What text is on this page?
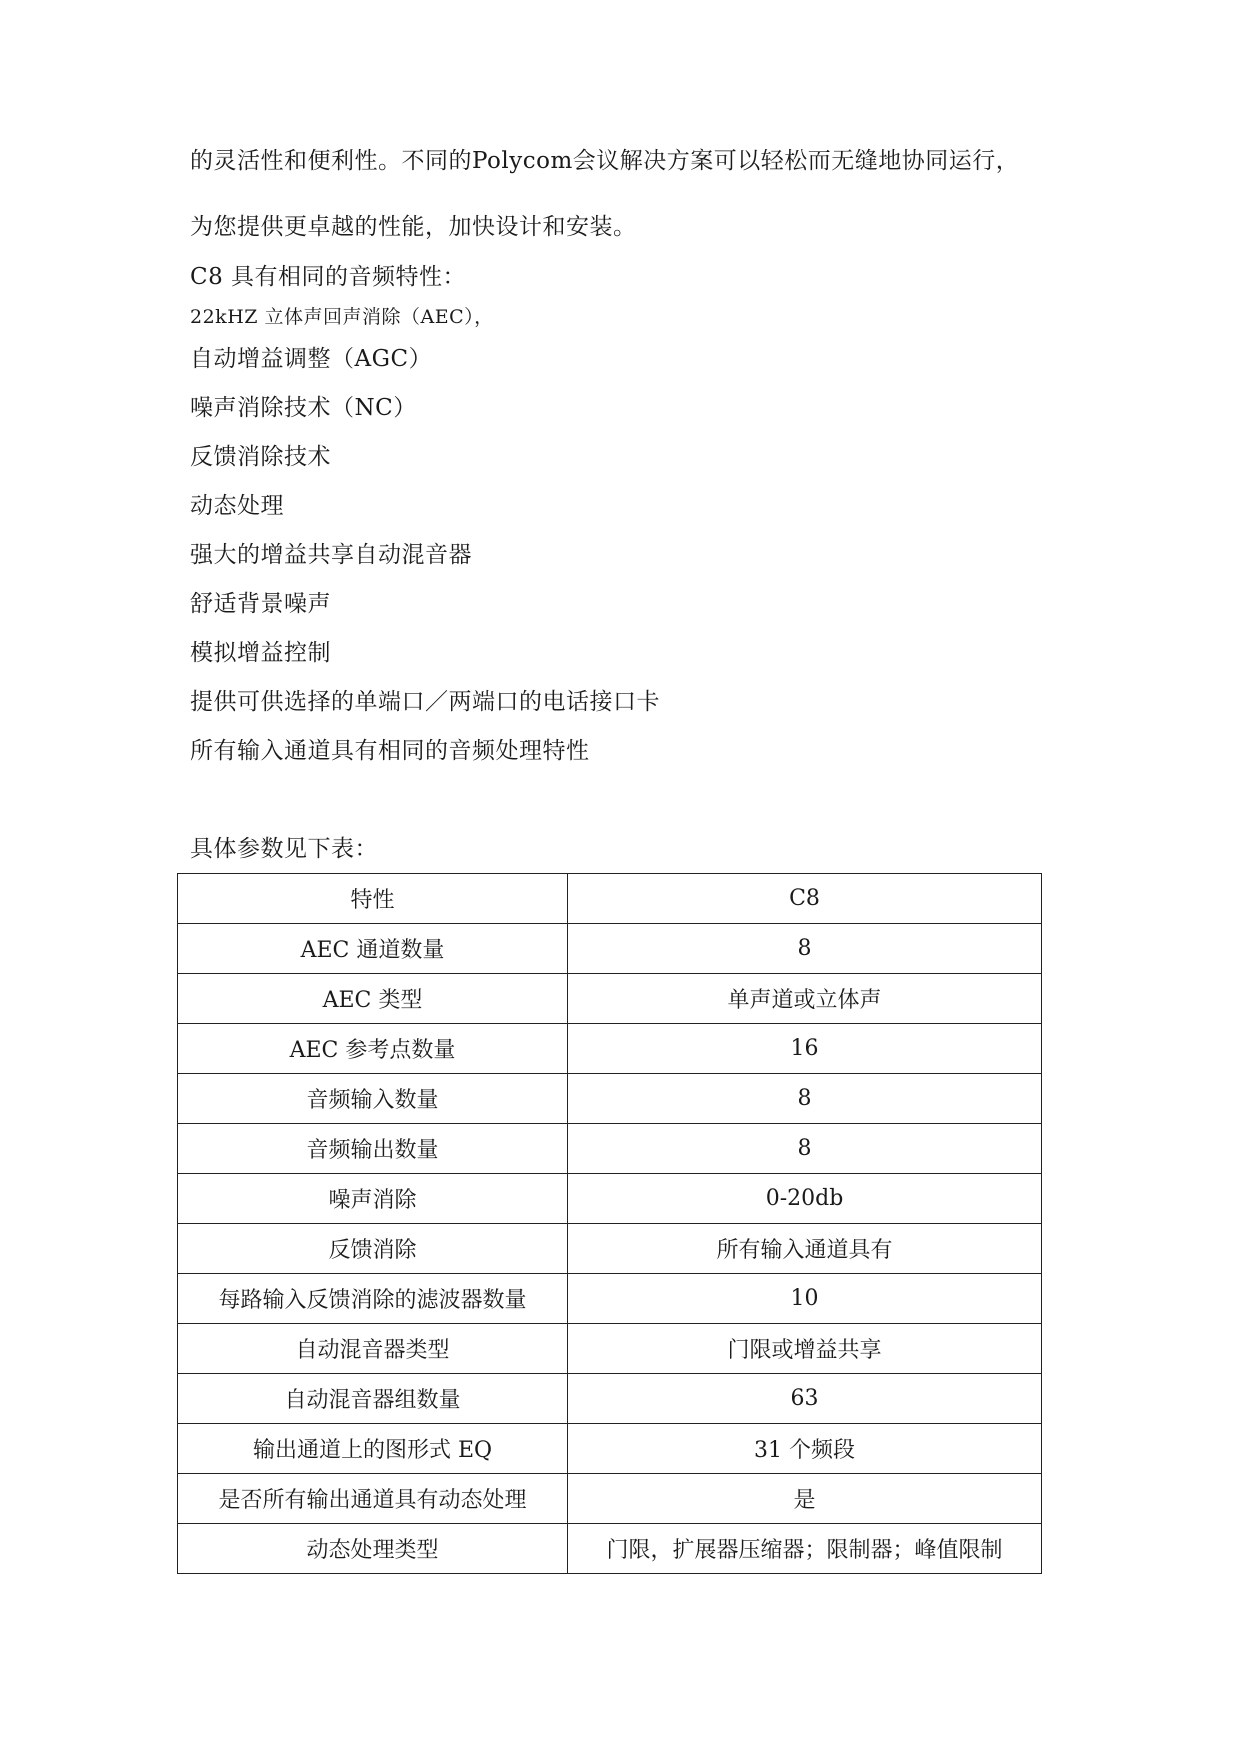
的灵活性和便利性。不同的Polycom会议解决方案可以轻松而无缝地协同运行，
为您提供更卓越的性能，加快设计和安装。
C8 具有相同的音频特性：
22kHZ 立体声回声消除（AEC），
自动增益调整（AGC）
噪声消除技术（NC）
反馈消除技术
动态处理
强大的增益共享自动混音器
舒适背景噪声
模拟增益控制
提供可供选择的单端口／两端口的电话接口卡
所有输入通道具有相同的音频处理特性
具体参数见下表：
特性	C8
AEC 通道数量	8
AEC 类型	单声道或立体声
AEC 参考点数量	16
音频输入数量	8
音频输出数量	8
噪声消除	0-20db
反馈消除	所有输入通道具有
每路输入反馈消除的滤波器数量	10
自动混音器类型	门限或增益共享
自动混音器组数量	63
输出通道上的图形式 EQ	31 个频段
是否所有输出通道具有动态处理	是
动态处理类型	门限，扩展器压缩器；限制器；峰值限制
